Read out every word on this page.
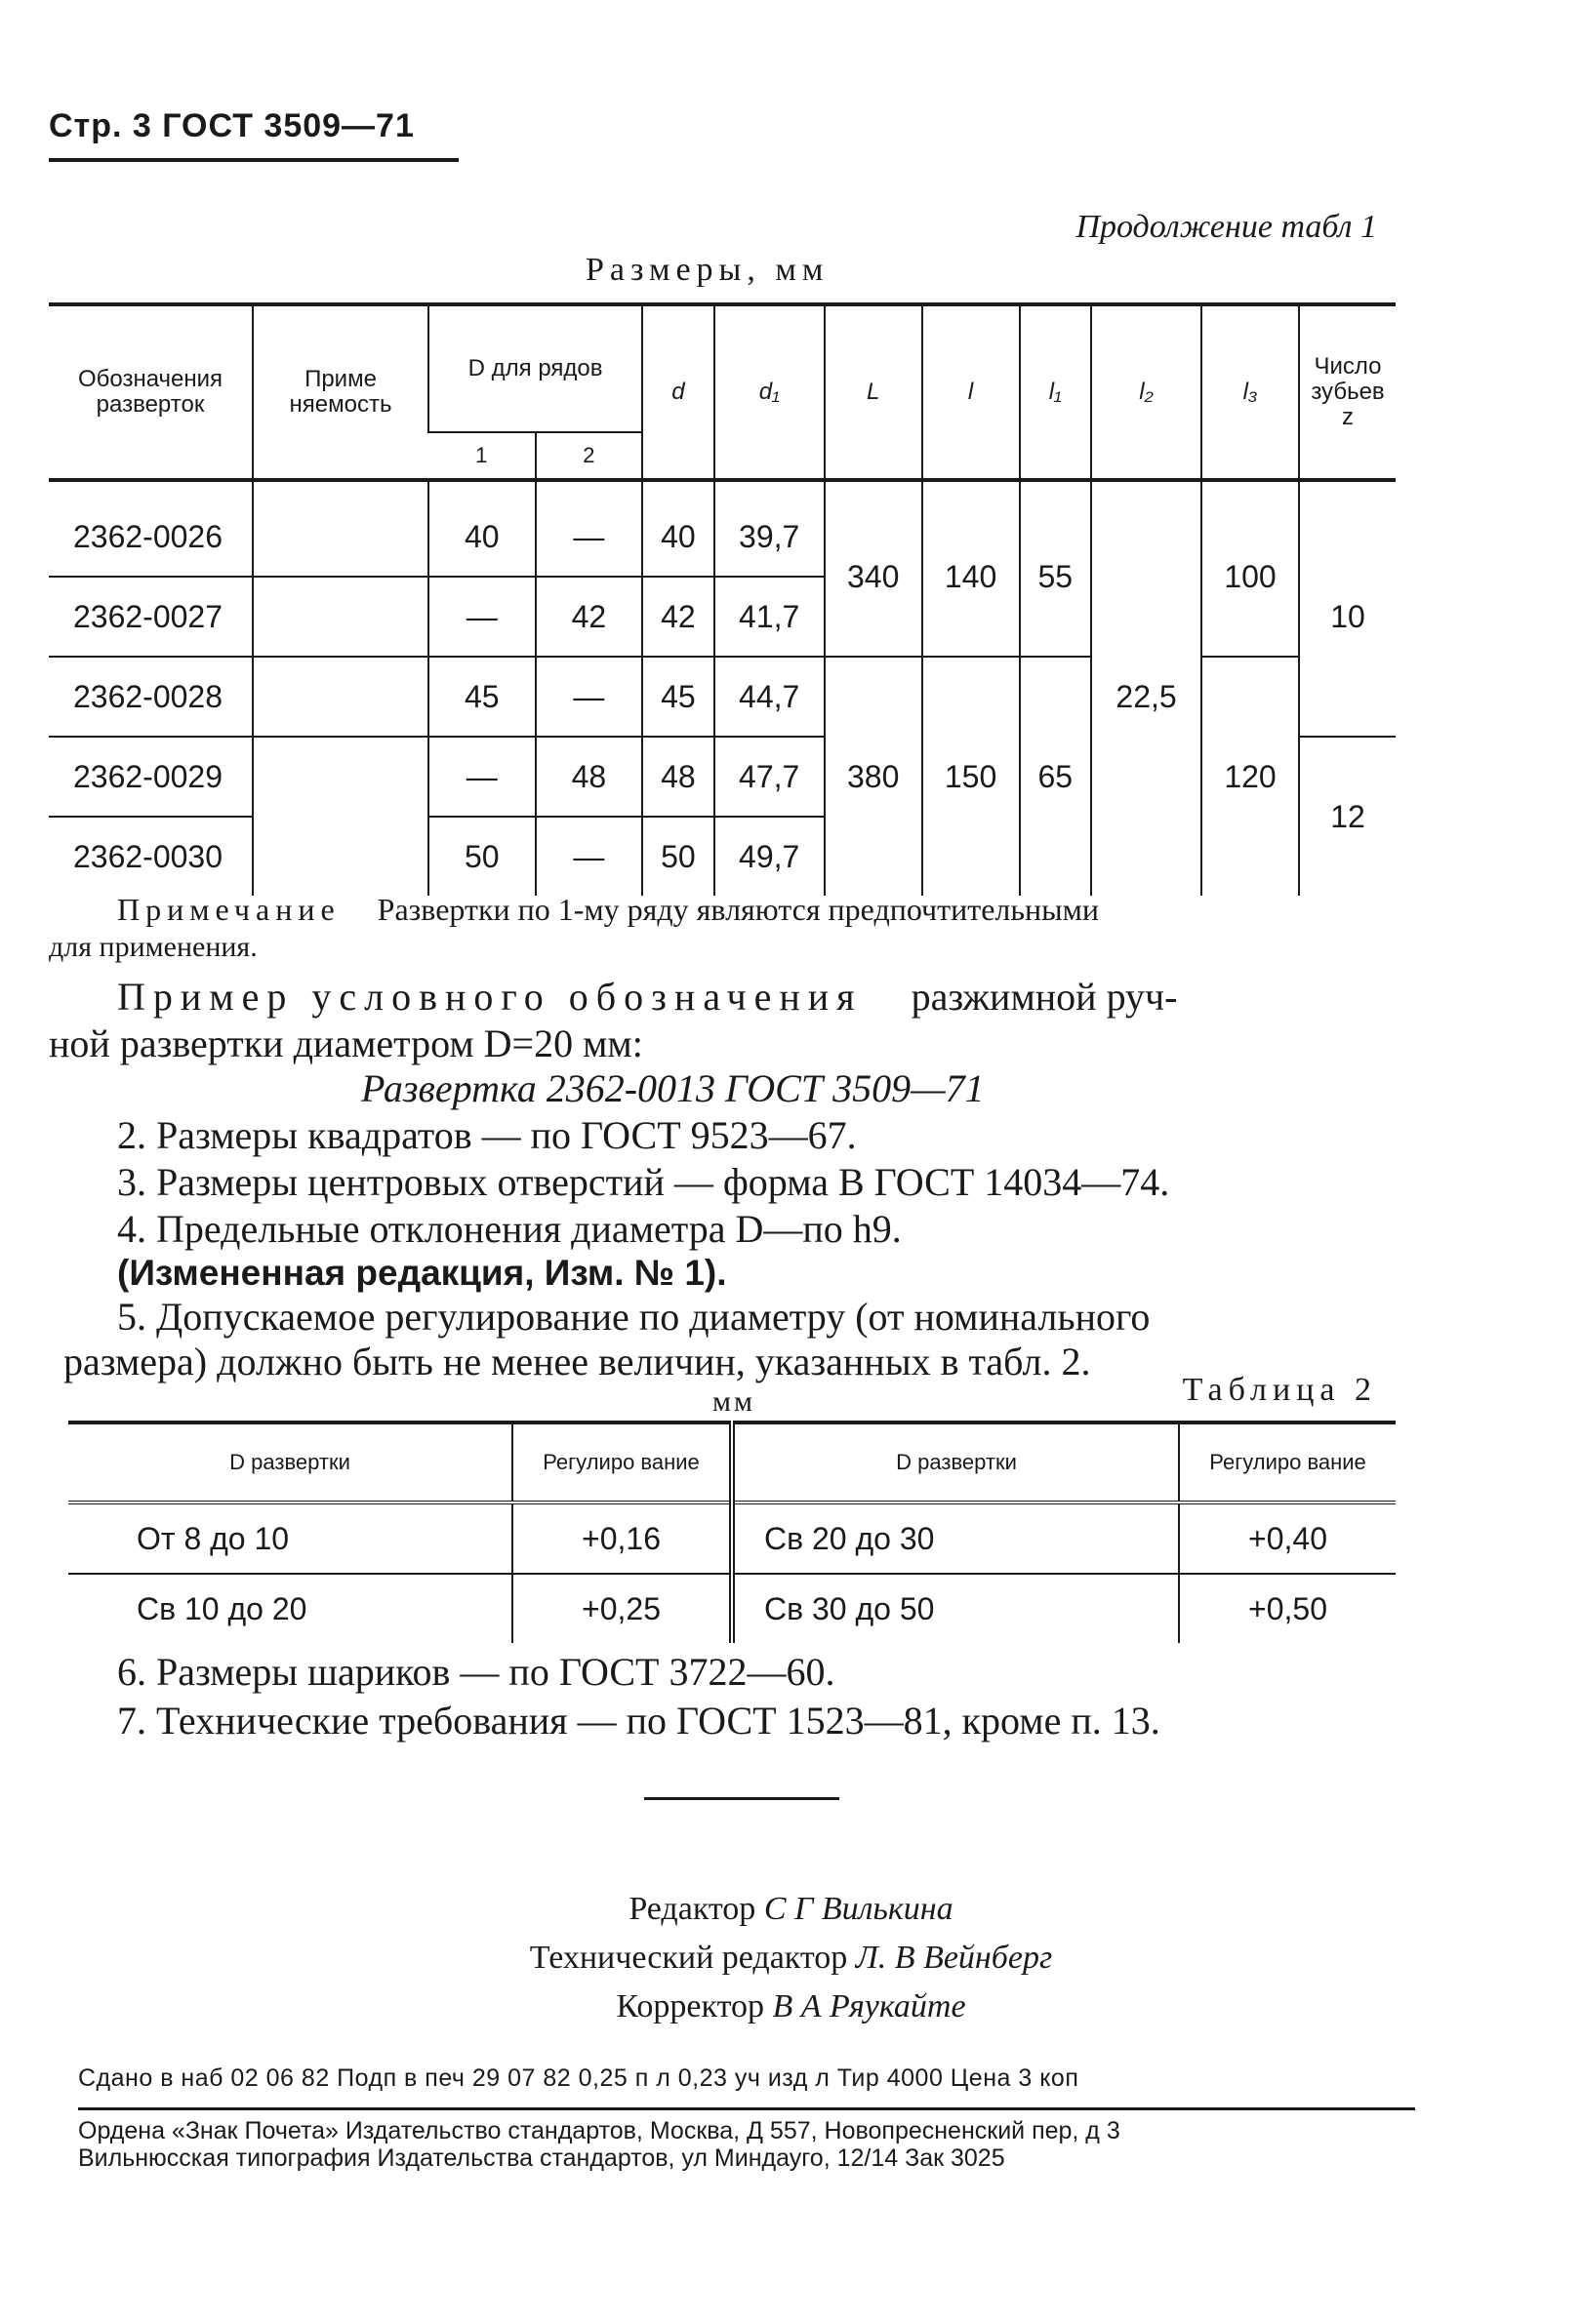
Стр. 3 ГОСТ 3509—71
Продолжение табл 1
Размеры, мм
Обозначения разверток	Приме няемость	D для рядов		d	d₁	L	l	l₁	l₂	l₃	Число зубьев z
		1	2								
2362-0026		40	—	40	39,7	340	140	55	22,5	100	10
2362-0027		—	42	42	41,7						
2362-0028		45	—	45	44,7	380	150	65		120	
2362-0029		—	48	48	47,7						12
2362-0030		50	—	50	49,7						
Примечание Развертки по 1-му ряду являются предпочтительными
для применения.
Пример условного обозначения разжимной руч-
ной развертки диаметром D=20 мм:
Развертка 2362-0013 ГОСТ 3509—71
2. Размеры квадратов — по ГОСТ 9523—67.
3. Размеры центровых отверстий — форма В ГОСТ 14034—74.
4. Предельные отклонения диаметра D—по h9.
(Измененная редакция, Изм. № 1).
5. Допускаемое регулирование по диаметру (от номинального
размера) должно быть не менее величин, указанных в табл. 2.
мм	Таблица 2
D развертки	Регулиро вание	D развертки	Регулиро вание
От 8 до 10	+0,16	Св 20 до 30	+0,40
Св 10 до 20	+0,25	Св 30 до 50	+0,50
6. Размеры шариков — по ГОСТ 3722—60.
7. Технические требования — по ГОСТ 1523—81, кроме п. 13.
Редактор С Г Вилькина
Технический редактор Л. В Вейнберг
Корректор В А Ряукайте
Сдано в наб 02 06 82 Подп в печ 29 07 82 0,25 п л 0,23 уч изд л Тир 4000 Цена 3 коп
Ордена «Знак Почета» Издательство стандартов, Москва, Д 557, Новопресненский пер, д 3
Вильнюсская типография Издательства стандартов, ул Миндауго, 12/14 Зак 3025
